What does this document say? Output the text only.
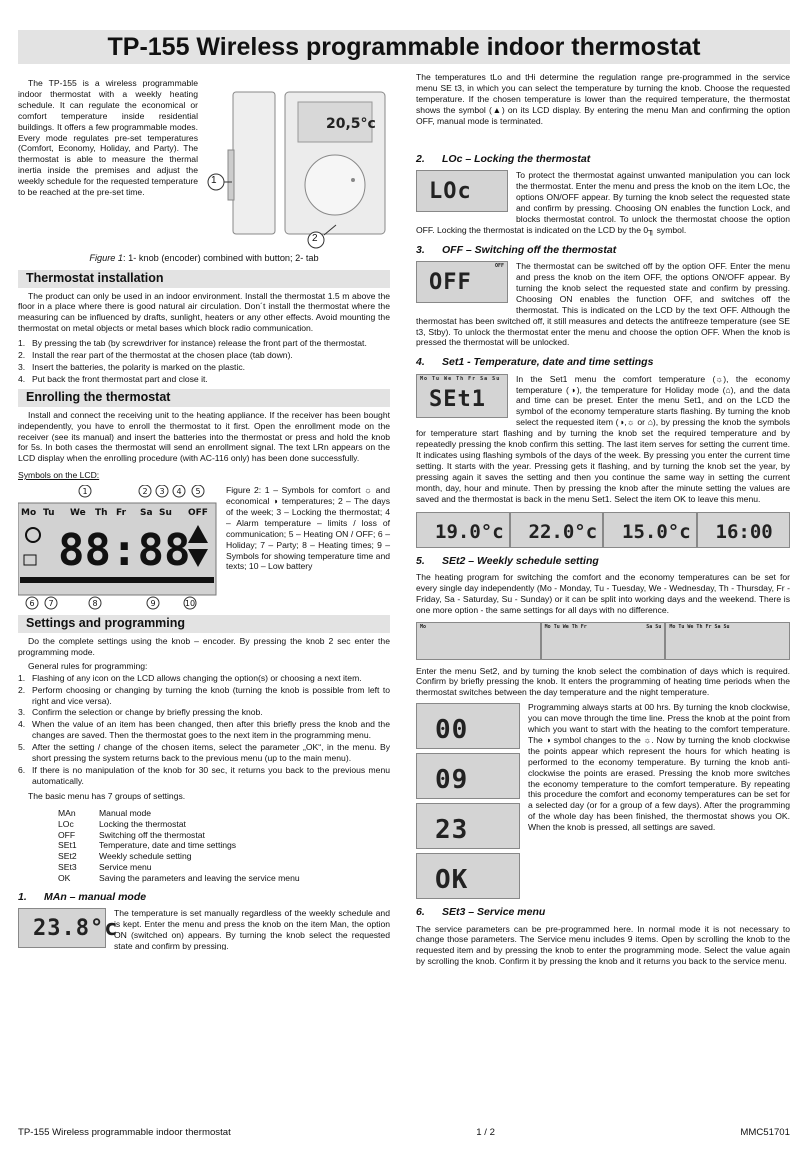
TP-155 Wireless programmable indoor thermostat

The TP-155 is a wireless programmable indoor thermostat with a weekly heating schedule. It can regulate the economical or comfort temperature inside residential buildings. It offers a few programmable modes. Every mode regulates pre-set temperatures (Comfort, Economy, Holiday, and Party). The thermostat is able to measure the thermal inertia inside the premises and adjust the weekly schedule for the requested temperature to be reached at the pre-set time.

20,5°c
1
2
Figure 1: 1- knob (encoder) combined with button; 2- tab
Thermostat installation

The product can only be used in an indoor environment. Install the thermostat 1.5 m above the floor in a place where there is good natural air circulation. Don´t install the thermostat where the measuring can be influenced by drafts, sunlight, heaters or any other effects. Avoid mounting the thermostat on metal objects or metal bases which block radio communication.

1. By pressing the tab (by screwdriver for instance) release the front part of the thermostat.
2. Install the rear part of the thermostat at the chosen place (tab down).
3. Insert the batteries, the polarity is marked on the plastic.
4. Put back the front thermostat part and close it.
Enrolling the thermostat

Install and connect the receiving unit to the heating appliance. If the receiver has been bought independently, you have to enroll the thermostat to it first. Open the enrollment mode on the receiver (see its manual) and insert the batteries into the thermostat or press and hold the knob for 5s. In both cases the thermostat will send an enrollment signal. The text LRn appears on the LCD display when the enrolling procedure (with AC-116 only) has been done successfully.

Symbols on the LCD:

Mo Tu We Th Fr Sa Su OFF
88:88
1	2 3 4 5
6 7	8	9	10

Figure 2: 1 – Symbols for comfort ☼ and economical ◑ temperatures; 2 – The days of the week; 3 – Locking the thermostat; 4 – Alarm temperature – limits / loss of communication; 5 – Heating ON / OFF; 6 – Holiday; 7 – Party; 8 – Heating times; 9 – Symbols for showing temperature time and texts; 10 – Low battery

Settings and programming

Do the complete settings using the knob – encoder. By pressing the knob 2 sec enter the programming mode.

General rules for programming:

1. Flashing of any icon on the LCD allows changing the option(s) or choosing a next item.
2. Perform choosing or changing by turning the knob (turning the knob is possible from left to right and vice versa).
3. Confirm the selection or change by briefly pressing the knob.
4. When the value of an item has been changed, then after this briefly press the knob and the changes are saved. Then the thermostat goes to the next item in the programming menu.
5. After the setting / change of the chosen items, select the parameter „OK“, in the menu. By short pressing the system returns back to the previous menu (up to the main menu).
6. If there is no manipulation of the knob for 30 sec, it returns you back to the previous menu automatically.

The basic menu has 7 groups of settings.

MAn	Manual mode
LOc	Locking the thermostat
OFF	Switching off the thermostat
SEt1	Temperature, date and time settings
SEt2	Weekly schedule setting
SEt3	Service menu
OK	Saving the parameters and leaving the service menu
1.	MAn – manual mode
23.8°c

The temperature is set manually regardless of the weekly schedule and is kept. Enter the menu and press the knob on the item Man, the option ON (switched on) appears. By turning the knob select the requested state and confirm by pressing.

The temperatures tLo and tHi determine the regulation range pre-programmed in the service menu SE t3, in which you can select the temperature by turning the knob. Choose the requested temperature. If the chosen temperature is lower than the required temperature, the thermostat shows the symbol (▲) on its LCD display. By entering the menu Man and confirming the option OFF, manual mode is terminated.

2.	LOc – Locking the thermostat
LOc

To protect the thermostat against unwanted manipulation you can lock the thermostat. Enter the menu and press the knob on the item LOc, the options ON/OFF appear. By turning the knob select the requested state and confirm by pressing. Choosing ON enables the function Lock, and blocks thermostat control. To unlock the thermostat choose the option OFF. Locking the thermostat is indicated on the LCD by the 0╖ symbol.

3.	OFF – Switching off the thermostat
OFF
OFF

The thermostat can be switched off by the option OFF. Enter the menu and press the knob on the item OFF, the options ON/OFF appear. By turning the knob select the requested state and confirm by pressing. Choosing ON enables the function OFF, and switches off the thermostat. This is indicated on the LCD by the text OFF. Although the thermostat has been switched off, it still measures and detects the antifreeze temperature (see SE t3, Stby). To unlock the thermostat enter the menu and choose the option OFF. When the knob is pressed the thermostat will be unlocked.

4.	Set1 - Temperature, date and time settings
Mo Tu We Th Fr Sa Su
SEt1

In the Set1 menu the comfort temperature (☼), the economy temperature (◑), the temperature for Holiday mode (⌂), and the data and time can be preset. Enter the menu Set1, and on the LCD the symbol of the economy temperature starts flashing. By turning the knob select the requested item (◑,☼ or ⌂), by pressing the knob the symbols for temperature start flashing and by turning the knob set the required temperature and by repeatedly pressing the knob confirm this setting. The last item serves for setting the current time. It indicates using flashing symbols of the days of the week. By pressing you enter the current time setting. It starts with the year. Pressing gets it flashing, and by turning the knob set the year, by pressing again it saves the setting and then you continue the same way in setting the current month, day, hour and minute. Then by pressing the knob after the minute setting the values are saved and the thermostat is back in the menu Set1. Select the item OK to leave this menu.

19.0°c	22.0°c	15.0°c	16:00
5.	SEt2 – Weekly schedule setting

The heating program for switching the comfort and the economy temperatures can be set for every single day independently (Mo - Monday, Tu - Tuesday, We - Wednesday, Th - Thursday, Fr - Friday, Sa - Saturday, Su - Sunday) or it can be split into working days and the weekend. There is one more option - the same settings for all days with no difference.

Mo	Mo Tu We Th Fr	Sa Su	Mo Tu We Th Fr Sa Su

Enter the menu Set2, and by turning the knob select the combination of days which is required. Confirm by briefly pressing the knob. It enters the programming of heating time periods when the thermostat switches between the day temperature and the night temperature.

00
09
23
OK

Programming always starts at 00 hrs. By turning the knob clockwise, you can move through the time line. Press the knob at the point from which you want to start with the heating to the comfort temperature. The ◑ symbol changes to the ☼. Now by turning the knob clockwise the points appear which represent the hours for which heating is performed to the economy temperature. By turning the knob anti-clockwise the points are erased. Pressing the knob more switches the economy temperature to the comfort temperature. By repeating this procedure the comfort and economy temperatures can be set for a selected day (or for a group of a few days). After the programming of the whole day has been finished, the thermostat shows you OK. When the knob is pressed, all settings are saved.

6.	SEt3 – Service menu

The service parameters can be pre-programmed here. In normal mode it is not necessary to change those parameters. The Service menu includes 9 items. Open by scrolling the knob to the requested item and by pressing the knob to enter the programming mode. Select the value again by scrolling the knob. Confirm it by pressing the knob and it returns you back to the service menu.

TP-155 Wireless programmable indoor thermostat	1 / 2	MMC51701
